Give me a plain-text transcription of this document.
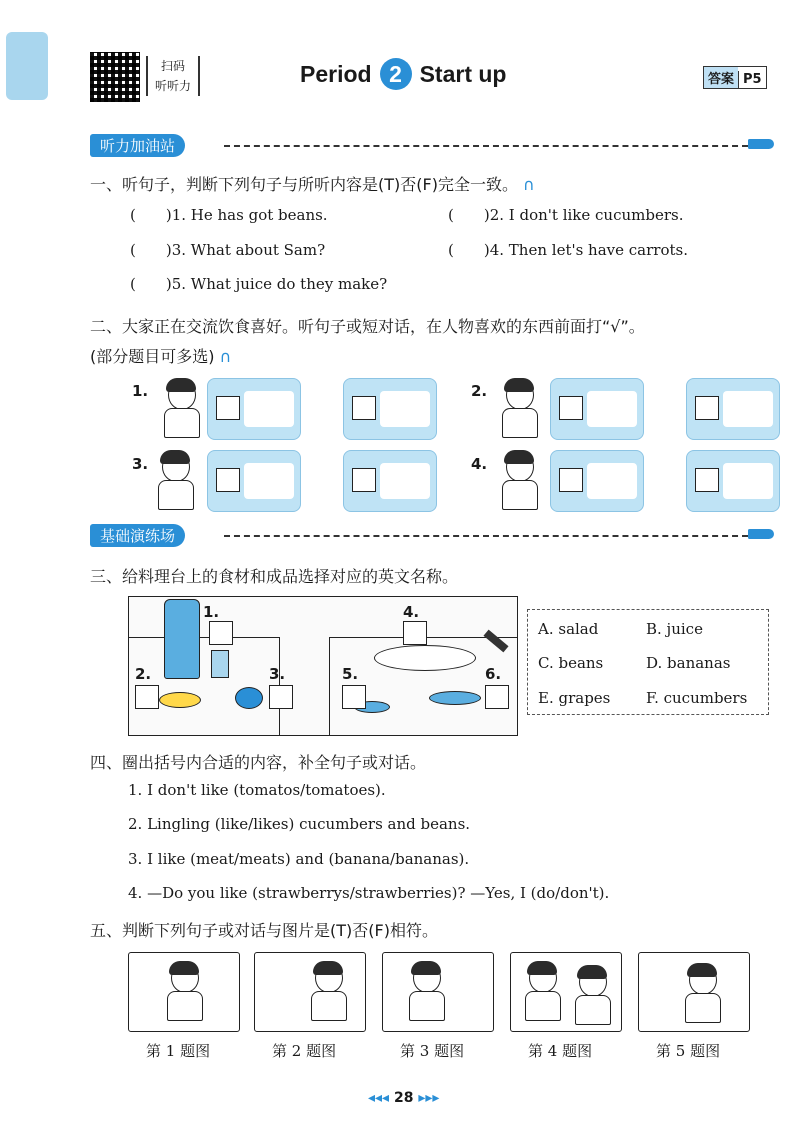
扫码
听听力	Period 2 Start up	答案 P5
听力加油站
一、听句子，判断下列句子与所听内容是(T)否(F)完全一致。 ∩
(  )1. He has got beans.	(  )2. I don't like cucumbers.
(  )3. What about Sam?	(  )4. Then let's have carrots.
(  )5. What juice do they make?
二、大家正在交流饮食喜好。听句子或短对话，在人物喜欢的东西前面打“√”。
(部分题目可多选) ∩
1.	2.
3.	4.
基础演练场
三、给料理台上的食材和成品选择对应的英文名称。
1.
2.	3.
4.
5.	6.
A. salad	B. juice
C. beans	D. bananas
E. grapes F. cucumbers
四、圈出括号内合适的内容，补全句子或对话。
1. I don't like (tomatos/tomatoes).
2. Lingling (like/likes) cucumbers and beans.
3. I like (meat/meats) and (banana/bananas).
4. —Do you like (strawberrys/strawberries)? —Yes, I (do/don't).
五、判断下列句子或对话与图片是(T)否(F)相符。
第 1 题图	第 2 题图	第 3 题图	第 4 题图	第 5 题图
◂◂◂ 28 ▸▸▸
